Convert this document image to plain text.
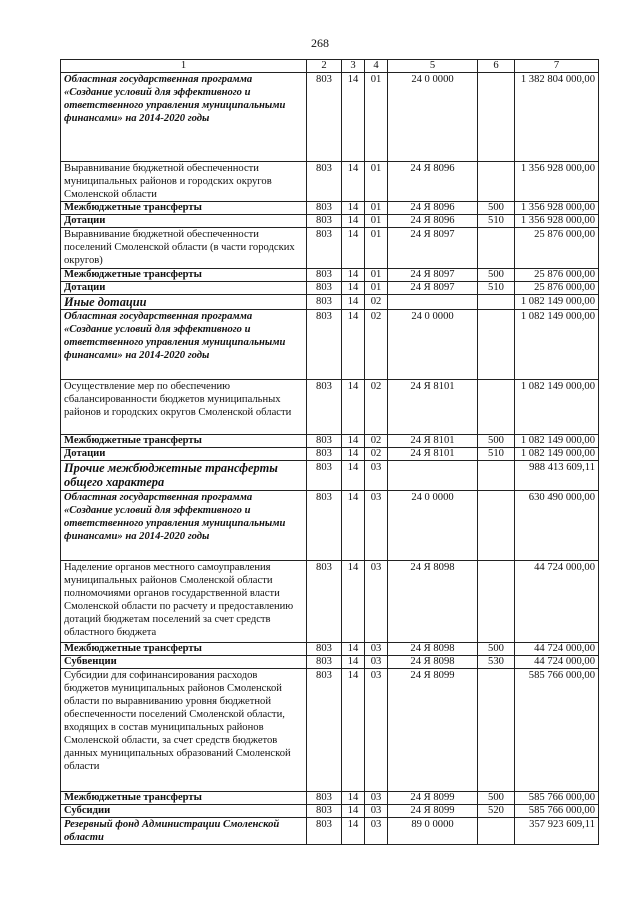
268
1	2	3	4	5	6	7
Областная государственная программа «Создание условий для эффективного и ответственного управления муниципальными финансами» на 2014-2020 годы	803	14	01	24 0 0000		1 382 804 000,00
Выравнивание бюджетной обеспеченности муниципальных районов и городских округов Смоленской области	803	14	01	24 Я 8096		1 356 928 000,00
Межбюджетные трансферты	803	14	01	24 Я 8096	500	1 356 928 000,00
Дотации	803	14	01	24 Я 8096	510	1 356 928 000,00
Выравнивание бюджетной обеспеченности поселений Смоленской области (в части городских округов)	803	14	01	24 Я 8097		25 876 000,00
Межбюджетные трансферты	803	14	01	24 Я 8097	500	25 876 000,00
Дотации	803	14	01	24 Я 8097	510	25 876 000,00
Иные дотации	803	14	02			1 082 149 000,00
Областная государственная программа «Создание условий для эффективного и ответственного управления муниципальными финансами» на 2014-2020 годы	803	14	02	24 0 0000		1 082 149 000,00
Осуществление мер по обеспечению сбалансированности бюджетов муниципальных районов и городских округов Смоленской области	803	14	02	24 Я 8101		1 082 149 000,00
Межбюджетные трансферты	803	14	02	24 Я 8101	500	1 082 149 000,00
Дотации	803	14	02	24 Я 8101	510	1 082 149 000,00
Прочие межбюджетные трансферты общего характера	803	14	03			988 413 609,11
Областная государственная программа «Создание условий для эффективного и ответственного управления муниципальными финансами» на 2014-2020 годы	803	14	03	24 0 0000		630 490 000,00
Наделение органов местного самоуправления муниципальных районов Смоленской области полномочиями органов государственной власти Смоленской области по расчету и предоставлению дотаций бюджетам поселений за счет средств областного бюджета	803	14	03	24 Я 8098		44 724 000,00
Межбюджетные трансферты	803	14	03	24 Я 8098	500	44 724 000,00
Субвенции	803	14	03	24 Я 8098	530	44 724 000,00
Субсидии для софинансирования расходов бюджетов муниципальных районов Смоленской области по выравниванию уровня бюджетной обеспеченности поселений Смоленской области, входящих в состав муниципальных районов Смоленской области, за счет средств бюджетов данных муниципальных образований Смоленской области	803	14	03	24 Я 8099		585 766 000,00
Межбюджетные трансферты	803	14	03	24 Я 8099	500	585 766 000,00
Субсидии	803	14	03	24 Я 8099	520	585 766 000,00
Резервный фонд Администрации Смоленской области	803	14	03	89 0 0000		357 923 609,11
